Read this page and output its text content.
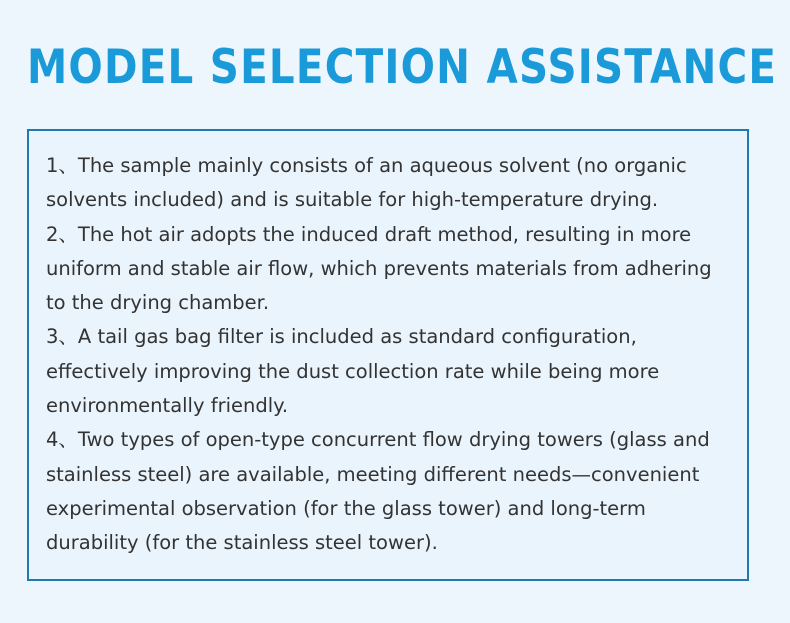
MODEL SELECTION ASSISTANCE
1、The sample mainly consists of an aqueous solvent (no organic solvents included) and is suitable for high-temperature drying.
2、The hot air adopts the induced draft method, resulting in more uniform and stable air flow, which prevents materials from adhering to the drying chamber.
3、A tail gas bag filter is included as standard configuration, effectively improving the dust collection rate while being more environmentally friendly.
4、Two types of open-type concurrent flow drying towers (glass and stainless steel) are available, meeting different needs—convenient experimental observation (for the glass tower) and long-term durability (for the stainless steel tower).
